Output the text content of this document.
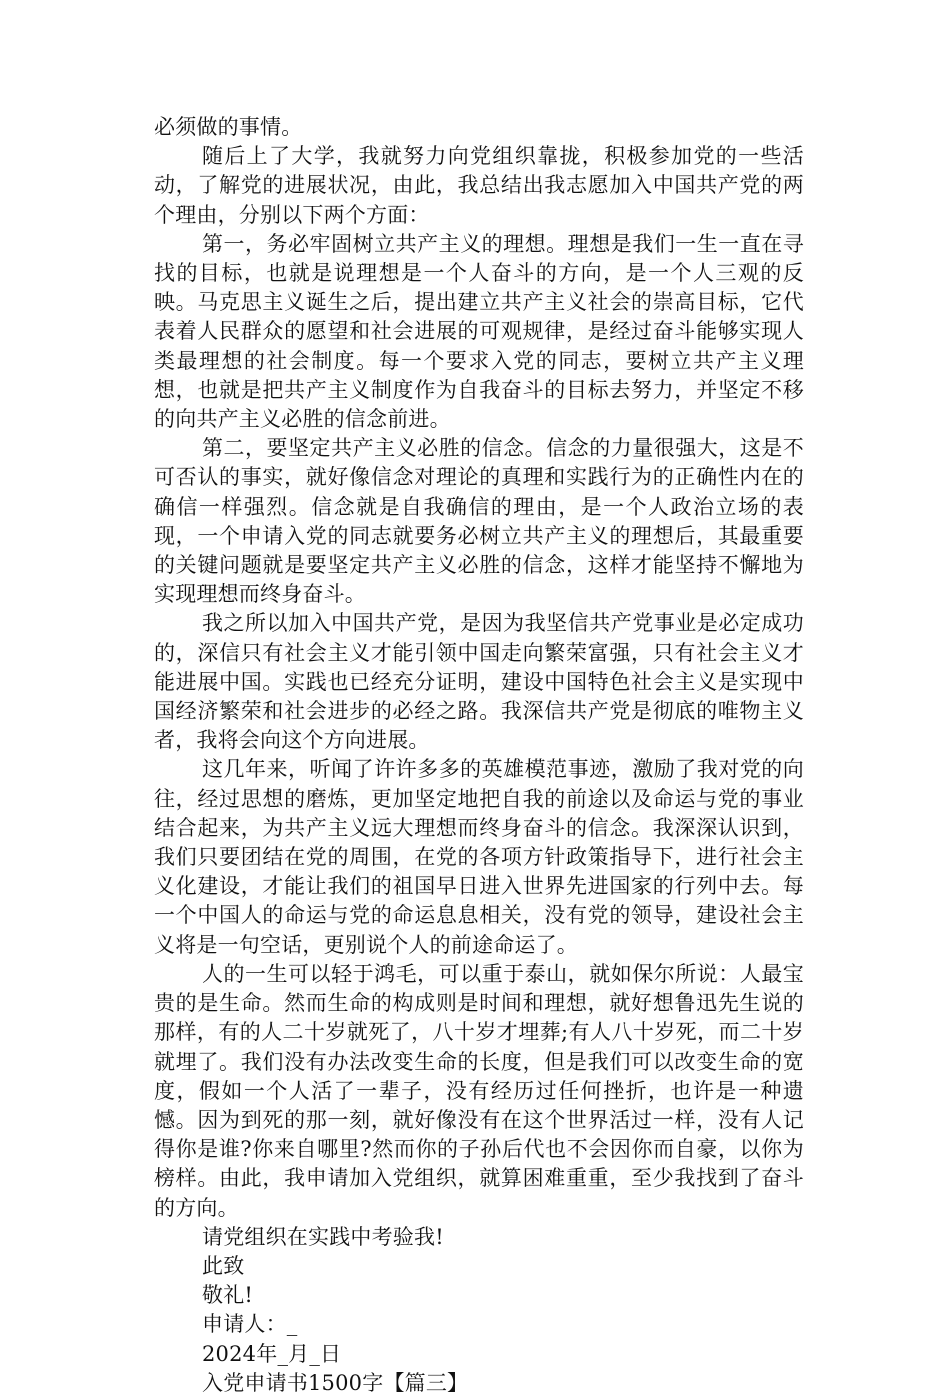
必须做的事情。

随后上了大学，我就努力向党组织靠拢，积极参加党的一些活动，了解党的进展状况，由此，我总结出我志愿加入中国共产党的两个理由，分别以下两个方面：

第一，务必牢固树立共产主义的理想。理想是我们一生一直在寻找的目标，也就是说理想是一个人奋斗的方向，是一个人三观的反映。马克思主义诞生之后，提出建立共产主义社会的崇高目标，它代表着人民群众的愿望和社会进展的可观规律，是经过奋斗能够实现人类最理想的社会制度。每一个要求入党的同志，要树立共产主义理想，也就是把共产主义制度作为自我奋斗的目标去努力，并坚定不移的向共产主义必胜的信念前进。

第二，要坚定共产主义必胜的信念。信念的力量很强大，这是不可否认的事实，就好像信念对理论的真理和实践行为的正确性内在的确信一样强烈。信念就是自我确信的理由，是一个人政治立场的表现，一个申请入党的同志就要务必树立共产主义的理想后，其最重要的关键问题就是要坚定共产主义必胜的信念，这样才能坚持不懈地为实现理想而终身奋斗。

我之所以加入中国共产党，是因为我坚信共产党事业是必定成功的，深信只有社会主义才能引领中国走向繁荣富强，只有社会主义才能进展中国。实践也已经充分证明，建设中国特色社会主义是实现中国经济繁荣和社会进步的必经之路。我深信共产党是彻底的唯物主义者，我将会向这个方向进展。

这几年来，听闻了许许多多的英雄模范事迹，激励了我对党的向往，经过思想的磨炼，更加坚定地把自我的前途以及命运与党的事业结合起来，为共产主义远大理想而终身奋斗的信念。我深深认识到，我们只要团结在党的周围，在党的各项方针政策指导下，进行社会主义化建设，才能让我们的祖国早日进入世界先进国家的行列中去。每一个中国人的命运与党的命运息息相关，没有党的领导，建设社会主义将是一句空话，更别说个人的前途命运了。

人的一生可以轻于鸿毛，可以重于泰山，就如保尔所说：人最宝贵的是生命。然而生命的构成则是时间和理想，就好想鲁迅先生说的那样，有的人二十岁就死了，八十岁才埋葬;有人八十岁死，而二十岁就埋了。我们没有办法改变生命的长度，但是我们可以改变生命的宽度，假如一个人活了一辈子，没有经历过任何挫折，也许是一种遗憾。因为到死的那一刻，就好像没有在这个世界活过一样，没有人记得你是谁?你来自哪里?然而你的子孙后代也不会因你而自豪，以你为榜样。由此，我申请加入党组织，就算困难重重，至少我找到了奋斗的方向。

请党组织在实践中考验我!

此致

敬礼!

申请人：_

2024年_月_日

入党申请书1500字【篇三】
